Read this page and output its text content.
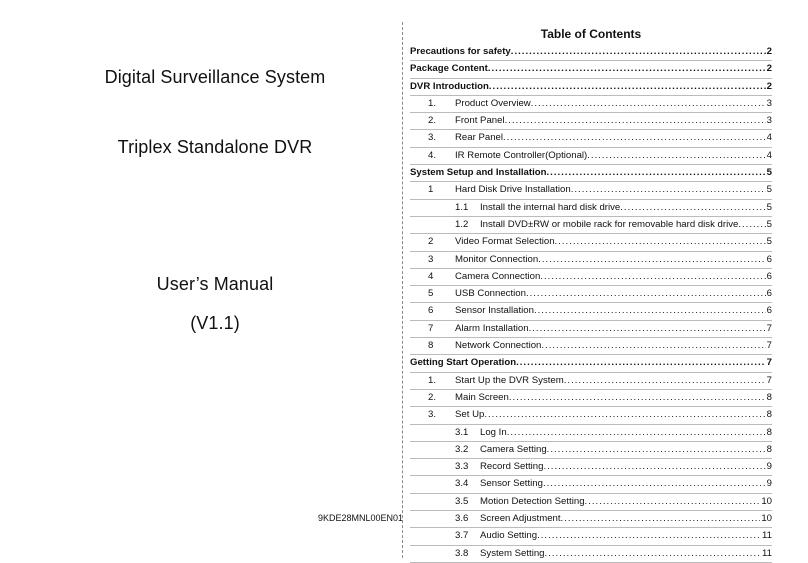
Digital Surveillance System
Triplex Standalone DVR
User’s Manual
(V1.1)
9KDE28MNL00EN01
Table of Contents
Precautions for safety .....	2
Package Content .....	2
DVR Introduction .....	2
1. Product Overview .....	3
2. Front Panel .....	3
3. Rear Panel .....	4
4. IR Remote Controller(Optional) .....	4
System Setup and Installation .....	5
1 Hard Disk Drive Installation .....	5
1.1 Install the internal hard disk drive .....	5
1.2 Install DVD±RW or mobile rack for removable hard disk drive .....	5
2 Video Format Selection .....	5
3 Monitor Connection .....	6
4 Camera Connection .....	6
5 USB Connection .....	6
6 Sensor Installation .....	6
7 Alarm Installation .....	7
8 Network Connection .....	7
Getting Start Operation .....	7
1. Start Up the DVR System .....	7
2. Main Screen .....	8
3. Set Up .....	8
3.1 Log In .....	8
3.2 Camera Setting .....	8
3.3 Record Setting .....	9
3.4 Sensor Setting .....	9
3.5 Motion Detection Setting .....	10
3.6 Screen Adjustment .....	10
3.7 Audio Setting .....	11
3.8 System Setting .....	11
